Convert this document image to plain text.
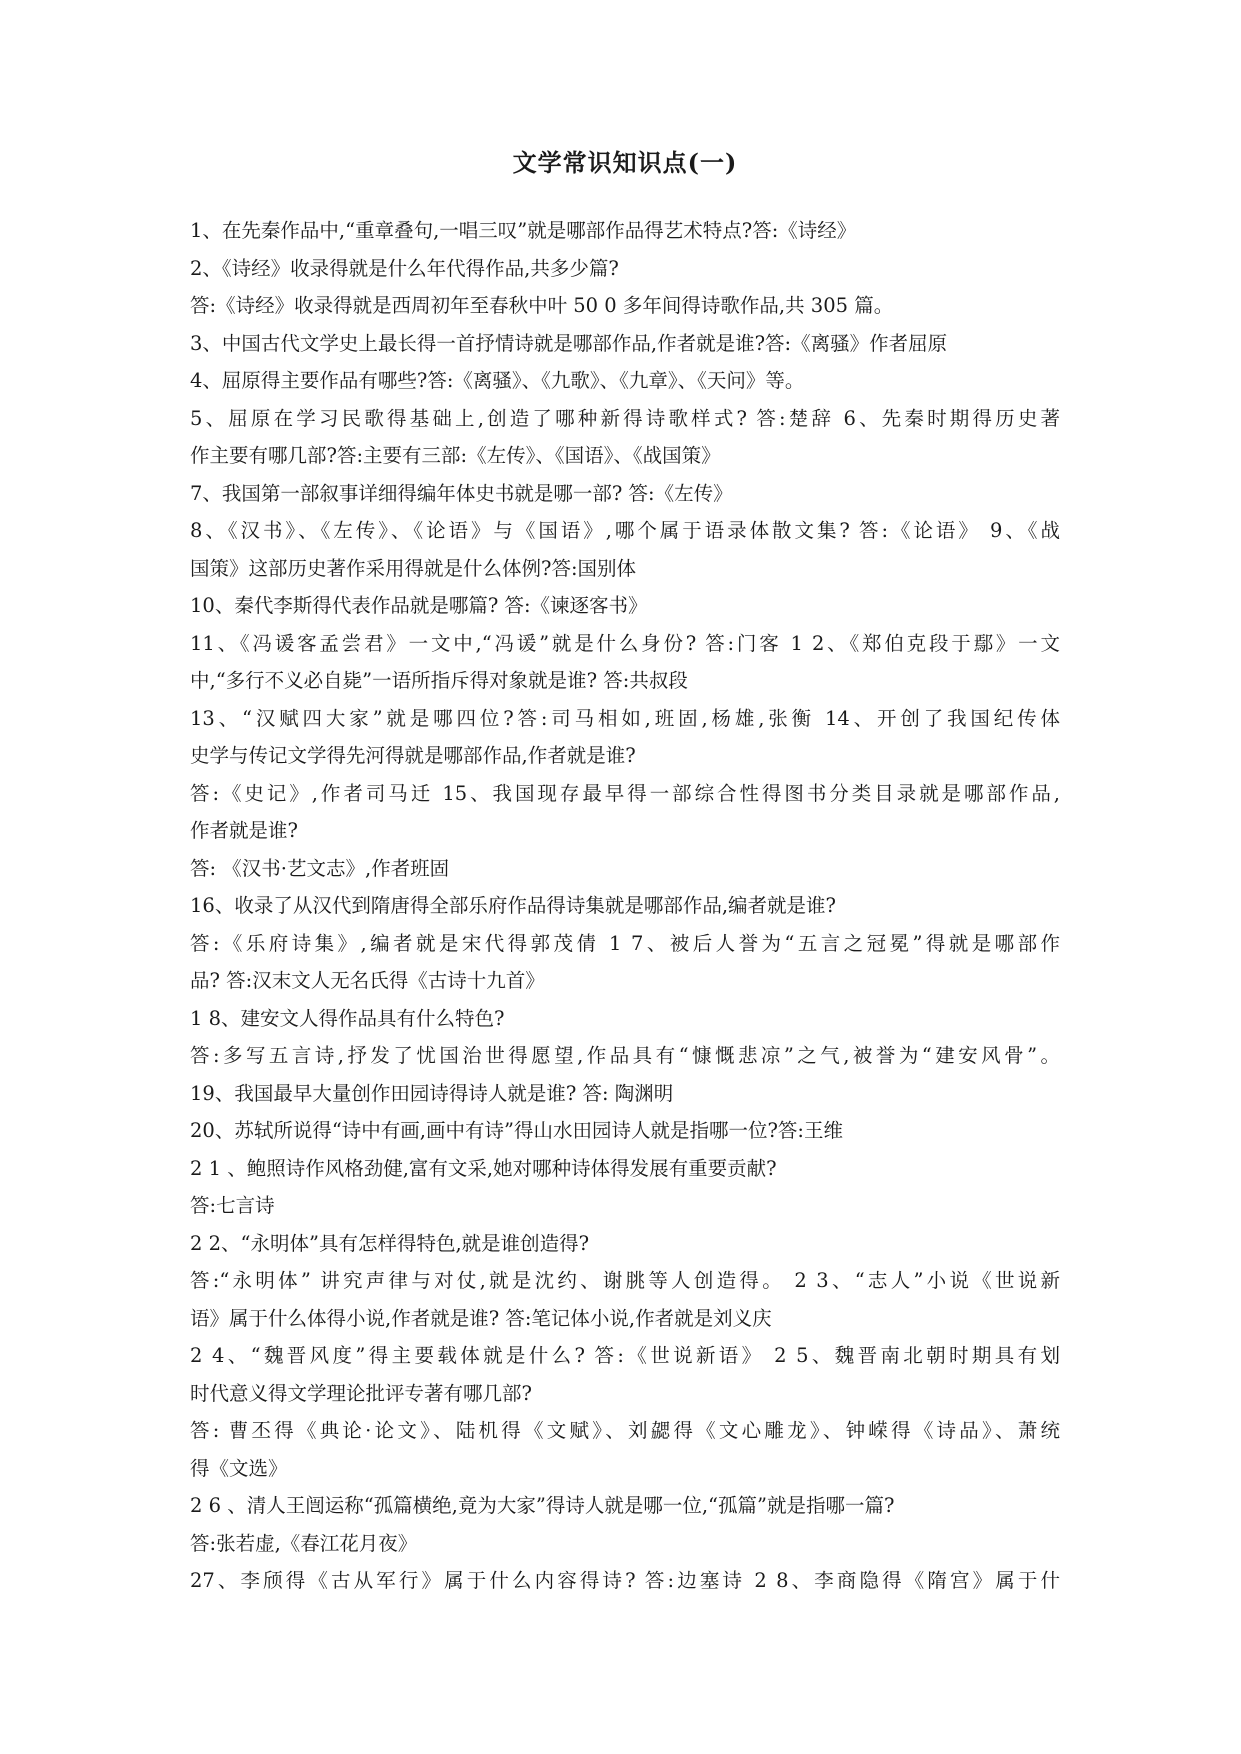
文学常识知识点(一)
1、在先秦作品中,“重章叠句,一唱三叹”就是哪部作品得艺术特点?答:《诗经》
2、《诗经》收录得就是什么年代得作品,共多少篇?
答:《诗经》收录得就是西周初年至春秋中叶 50 0 多年间得诗歌作品,共 305 篇。
3、中国古代文学史上最长得一首抒情诗就是哪部作品,作者就是谁?答:《离骚》作者屈原
4、屈原得主要作品有哪些?答:《离骚》、《九歌》、《九章》、《天问》等。
5、屈原在学习民歌得基础上,创造了哪种新得诗歌样式? 答:楚辞 6、先秦时期得历史著
作主要有哪几部?答:主要有三部:《左传》、《国语》、《战国策》
7、我国第一部叙事详细得编年体史书就是哪一部? 答:《左传》
8、《汉书》、《左传》、《论语》与《国语》,哪个属于语录体散文集? 答:《论语》 9、《战
国策》这部历史著作采用得就是什么体例?答:国别体
10、秦代李斯得代表作品就是哪篇? 答:《谏逐客书》
11、《冯谖客孟尝君》一文中,“冯谖”就是什么身份? 答:门客 1 2、《郑伯克段于鄢》一文
中,“多行不义必自毙”一语所指斥得对象就是谁? 答:共叔段
13、“汉赋四大家”就是哪四位?答:司马相如,班固,杨雄,张衡 14、开创了我国纪传体
史学与传记文学得先河得就是哪部作品,作者就是谁?
答:《史记》,作者司马迁 15、我国现存最早得一部综合性得图书分类目录就是哪部作品,
作者就是谁?
答: 《汉书·艺文志》,作者班固
16、收录了从汉代到隋唐得全部乐府作品得诗集就是哪部作品,编者就是谁?
答:《乐府诗集》,编者就是宋代得郭茂倩 1 7、被后人誉为“五言之冠冕”得就是哪部作
品? 答:汉末文人无名氏得《古诗十九首》
1 8、建安文人得作品具有什么特色?
答:多写五言诗,抒发了忧国治世得愿望,作品具有“慷慨悲凉”之气,被誉为“建安风骨”。
19、我国最早大量创作田园诗得诗人就是谁? 答: 陶渊明
20、苏轼所说得“诗中有画,画中有诗”得山水田园诗人就是指哪一位?答:王维
2 1 、鲍照诗作风格劲健,富有文采,她对哪种诗体得发展有重要贡献?
答:七言诗
2 2、“永明体”具有怎样得特色,就是谁创造得?
答:“永明体” 讲究声律与对仗,就是沈约、谢朓等人创造得。 2 3、“志人”小说《世说新
语》属于什么体得小说,作者就是谁? 答:笔记体小说,作者就是刘义庆
2 4、“魏晋风度”得主要载体就是什么? 答:《世说新语》 2 5、魏晋南北朝时期具有划
时代意义得文学理论批评专著有哪几部?
答: 曹丕得《典论·论文》、陆机得《文赋》、刘勰得《文心雕龙》、钟嵘得《诗品》、萧统
得《文选》
2 6 、清人王闿运称“孤篇横绝,竟为大家”得诗人就是哪一位,“孤篇”就是指哪一篇?
答:张若虚,《春江花月夜》
27、李颀得《古从军行》属于什么内容得诗? 答:边塞诗 2 8、李商隐得《隋宫》属于什
